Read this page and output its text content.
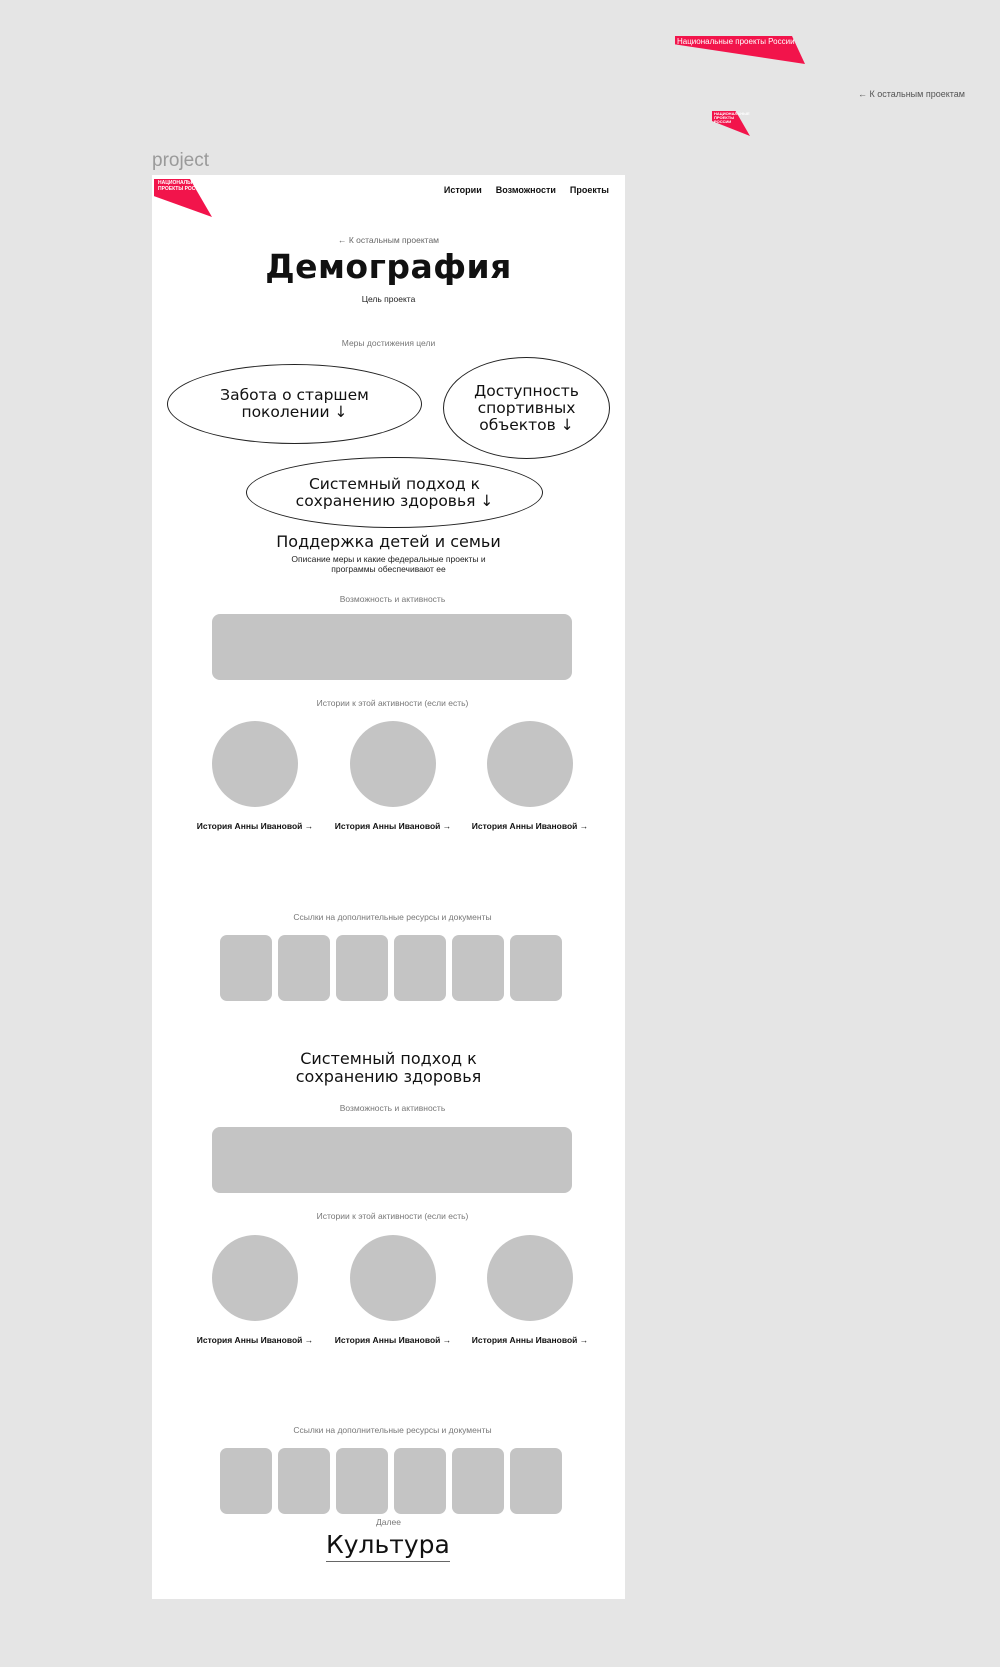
Национальные проекты России
← К остальным проектам
НАЦИОНАЛЬНЫЕ ПРОЕКТЫ РОССИИ
project
НАЦИОНАЛЬНЫЕ ПРОЕКТЫ РОССИИ	Истории Возможности Проекты
← К остальным проектам
Демография
Цель проекта
Меры достижения цели
Забота о старшем поколении ↓
Доступность спортивных объектов ↓
Системный подход к сохранению здоровья ↓
Поддержка детей и семьи
Описание меры и какие федеральные проекты и программы обеспечивают ее
Возможность и активность
Истории к этой активности (если есть)
История Анны Ивановой →	История Анны Ивановой →	История Анны Ивановой →
Ссылки на дополнительные ресурсы и документы
Системный подход к сохранению здоровья
Возможность и активность
Истории к этой активности (если есть)
История Анны Ивановой →	История Анны Ивановой →	История Анны Ивановой →
Ссылки на дополнительные ресурсы и документы
Далее
Культура
